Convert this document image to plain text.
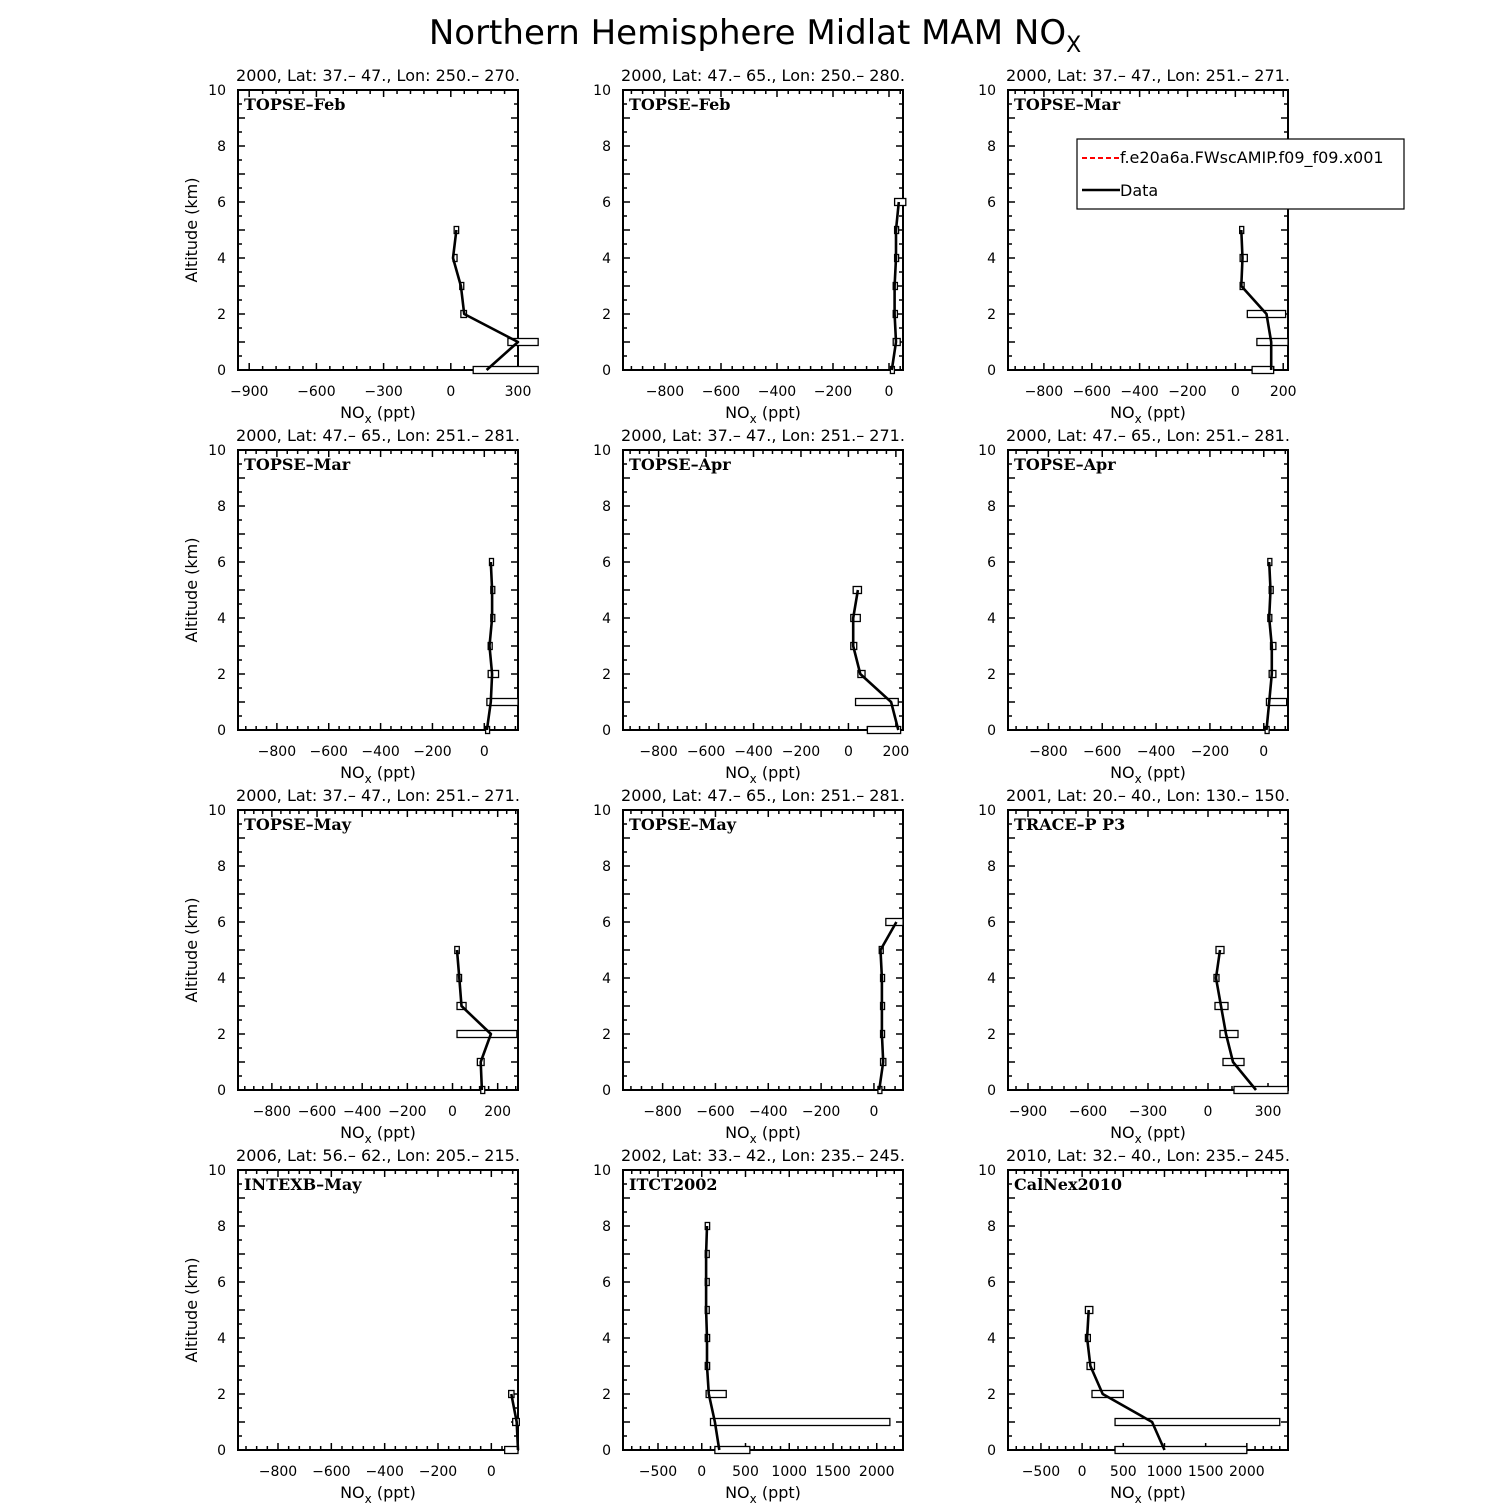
Northern Hemisphere Midlat MAM $NO_X$
2000, Lat: 37.– 47., Lon: 250.– 270.
0
2
4
6
8
10
−900 −600 −300	0	300
$NO_x$ (ppt)
Altitude (km)
TOPSE–Feb
2000, Lat: 47.– 65., Lon: 250.– 280.
0
2
4
6
8
10
−800 −600 −400 −200 0
$NO_x$ (ppt)
TOPSE–Feb
2000, Lat: 37.– 47., Lon: 251.– 271.
0
2
4
6
8
10
−800 −600 −400 −200 0 200
$NO_x$ (ppt)
TOPSE–Mar
f.e20a6a.FWscAMIP.f09_f09.x001
Data
2000, Lat: 47.– 65., Lon: 251.– 281.
0
2
4
6
8
10
−800 −600 −400 −200 0
$NO_x$ (ppt)
Altitude (km)
TOPSE–Mar
2000, Lat: 37.– 47., Lon: 251.– 271.
0
2
4
6
8
10
−800 −600 −400 −200 0 200
$NO_x$ (ppt)
TOPSE–Apr
2000, Lat: 47.– 65., Lon: 251.– 281.
0
2
4
6
8
10
−800 −600 −400 −200 0
$NO_x$ (ppt)
TOPSE–Apr
2000, Lat: 37.– 47., Lon: 251.– 271.
0
2
4
6
8
10
−800 −600 −400 −200 0 200
$NO_x$ (ppt)
Altitude (km)
TOPSE–May
2000, Lat: 47.– 65., Lon: 251.– 281.
0
2
4
6
8
10
−800 −600 −400 −200 0
$NO_x$ (ppt)
TOPSE–May
2001, Lat: 20.– 40., Lon: 130.– 150.
0
2
4
6
8
10
−900 −600 −300	0	300
$NO_x$ (ppt)
TRACE–P P3
2006, Lat: 56.– 62., Lon: 205.– 215.
0
2
4
6
8
10
−800 −600 −400 −200 0
$NO_x$ (ppt)
Altitude (km)
INTEXB–May
2002, Lat: 33.– 42., Lon: 235.– 245.
0
2
4
6
8
10
−500 0 500 1000 1500 2000
$NO_x$ (ppt)
ITCT2002
2010, Lat: 32.– 40., Lon: 235.– 245.
0
2
4
6
8
10
−500 0 500 1000 1500 2000
$NO_x$ (ppt)
CalNex2010
